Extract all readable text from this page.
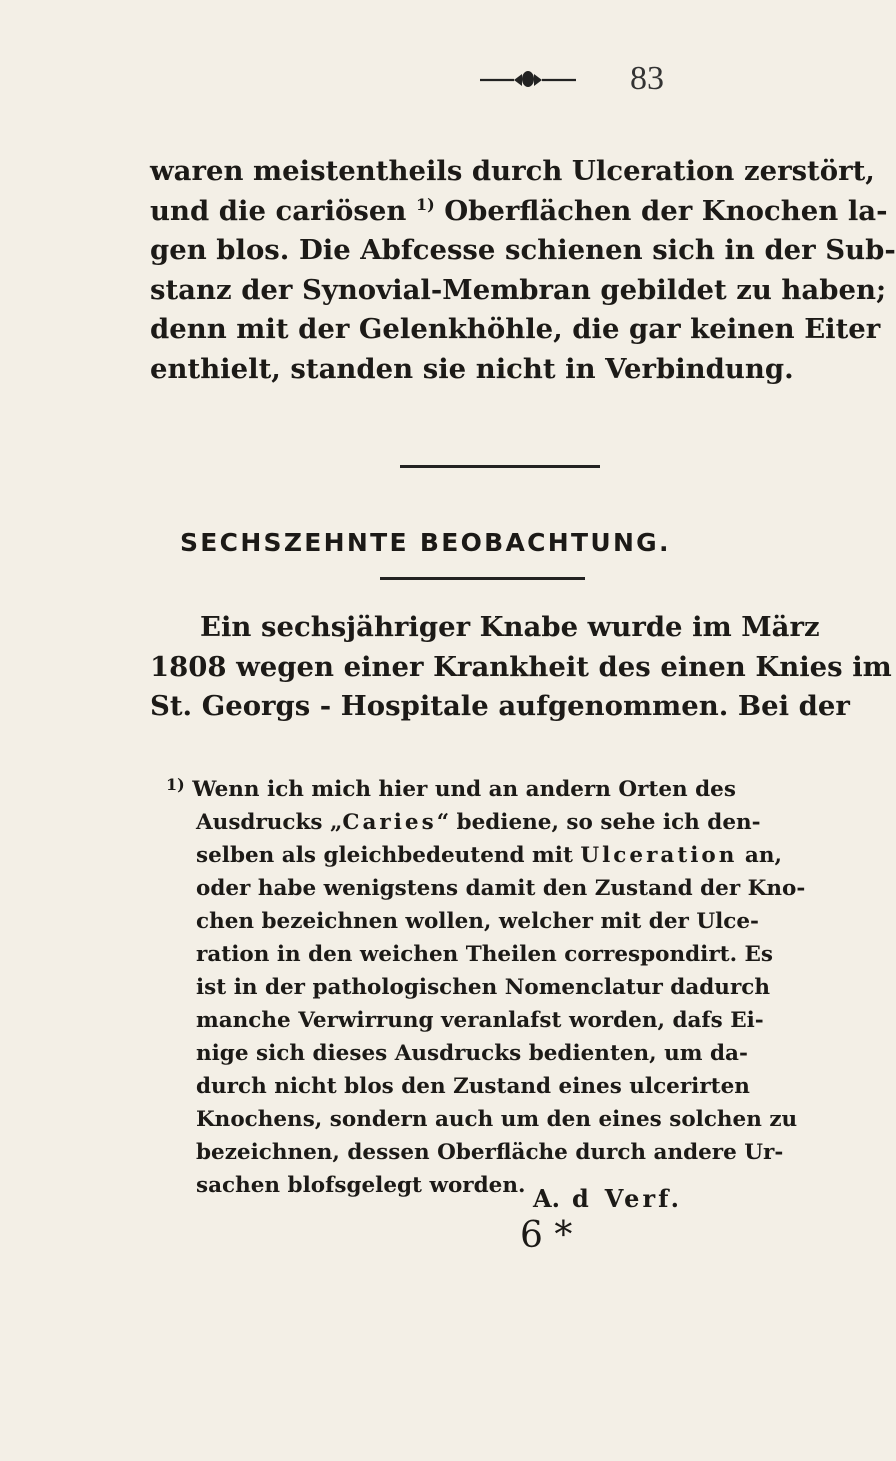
83
waren meistentheils durch Ulceration zerstört,
und die cariösen $^{1)}$ Oberflächen der Knochen la-
gen blos. Die Abfcesse schienen sich in der Sub-
stanz der Synovial-Membran gebildet zu haben;
denn mit der Gelenkhöhle, die gar keinen Eiter
enthielt, standen sie nicht in Verbindung.
SECHSZEHNTE BEOBACHTUNG.
Ein sechsjähriger Knabe wurde im März
1808 wegen einer Krankheit des einen Knies im
St. Georgs - Hospitale aufgenommen. Bei der
$^{1)}$ Wenn ich mich hier und an andern Orten des
Ausdrucks „Caries“ bediene, so sehe ich den-
selben als gleichbedeutend mit Ulceration an,
oder habe wenigstens damit den Zustand der Kno-
chen bezeichnen wollen, welcher mit der Ulce-
ration in den weichen Theilen correspondirt. Es
ist in der pathologischen Nomenclatur dadurch
manche Verwirrung veranlafst worden, dafs Ei-
nige sich dieses Ausdrucks bedienten, um da-
durch nicht blos den Zustand eines ulcerirten
Knochens, sondern auch um den eines solchen zu
bezeichnen, dessen Oberfläche durch andere Ur-
sachen blofsgelegt worden. A. d Verf.
6 *
